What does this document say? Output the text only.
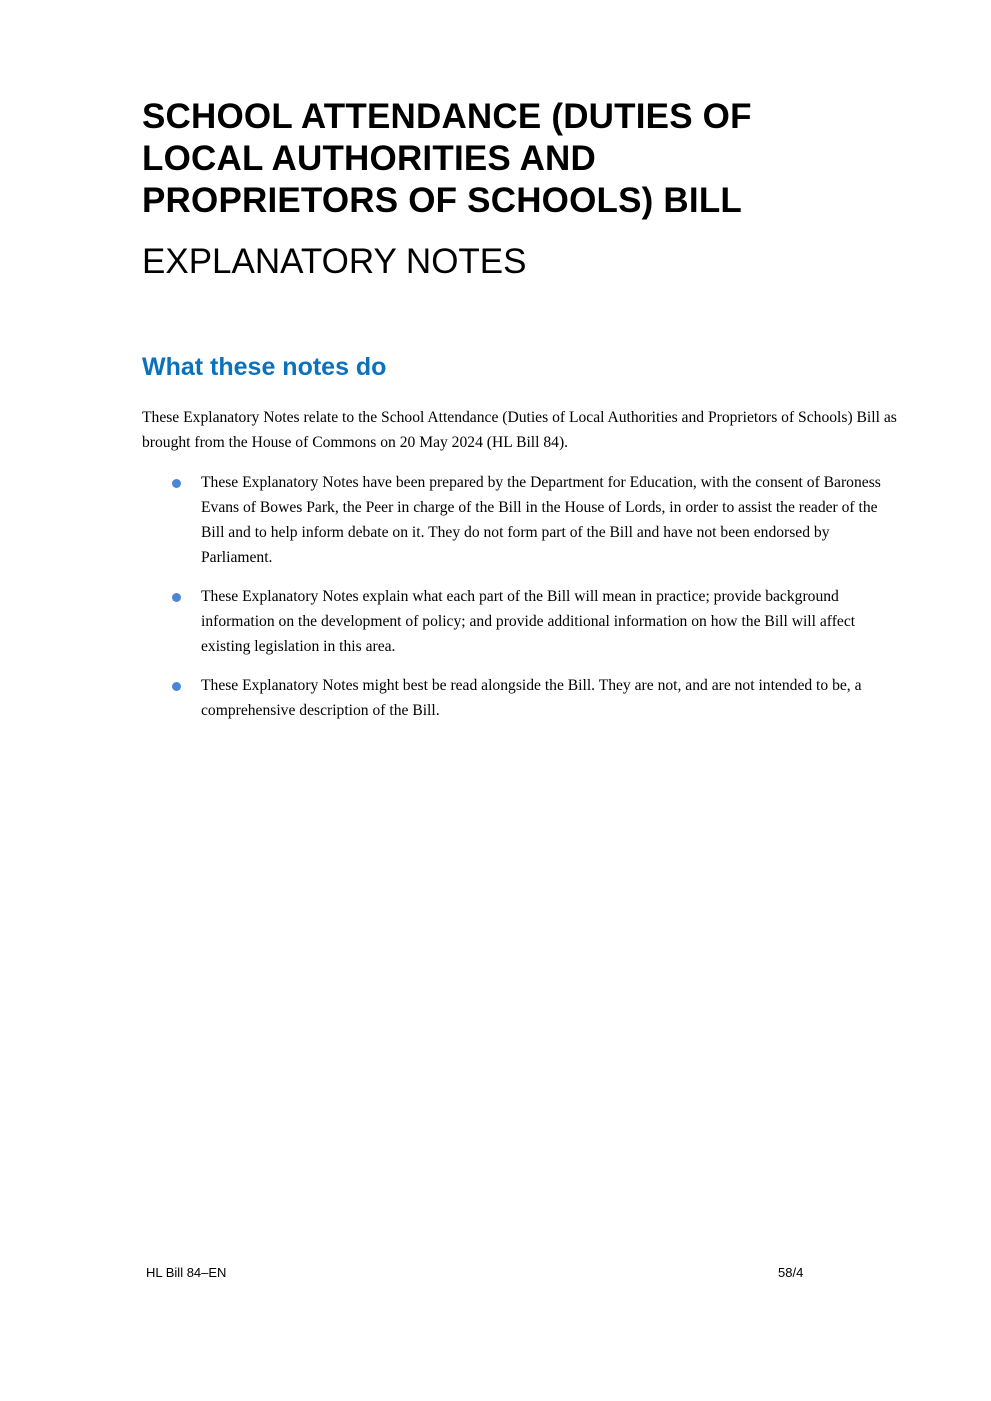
SCHOOL ATTENDANCE (DUTIES OF LOCAL AUTHORITIES AND PROPRIETORS OF SCHOOLS) BILL
EXPLANATORY NOTES
What these notes do

These Explanatory Notes relate to the School Attendance (Duties of Local Authorities and Proprietors of Schools) Bill as brought from the House of Commons on 20 May 2024 (HL Bill 84).

These Explanatory Notes have been prepared by the Department for Education, with the consent of Baroness Evans of Bowes Park, the Peer in charge of the Bill in the House of Lords, in order to assist the reader of the Bill and to help inform debate on it. They do not form part of the Bill and have not been endorsed by Parliament.
These Explanatory Notes explain what each part of the Bill will mean in practice; provide background information on the development of policy; and provide additional information on how the Bill will affect existing legislation in this area.
These Explanatory Notes might best be read alongside the Bill. They are not, and are not intended to be, a comprehensive description of the Bill.
HL Bill 84–EN	58/4
